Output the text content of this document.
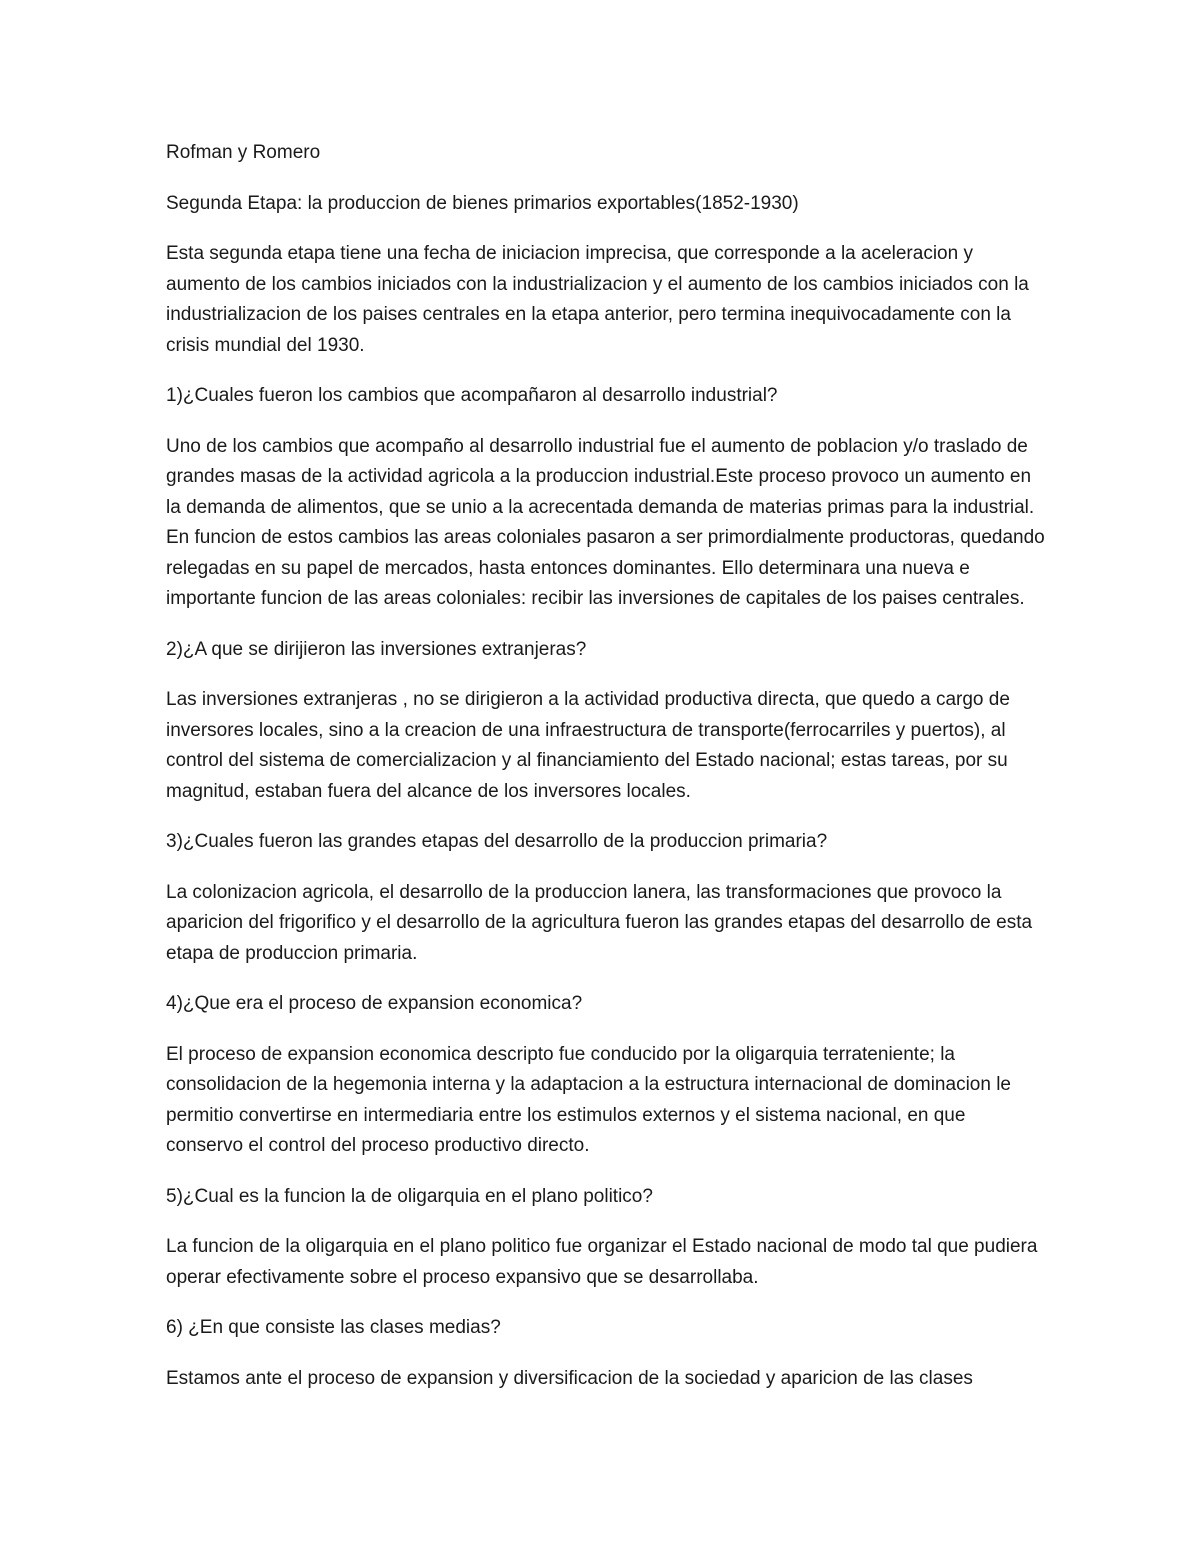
Rofman y Romero

Segunda Etapa: la produccion de bienes primarios exportables(1852-1930)

Esta segunda etapa tiene una fecha de iniciacion imprecisa, que corresponde a la aceleracion y aumento de los cambios iniciados con la industrializacion y el aumento de los cambios iniciados con la industrializacion de los paises centrales en la etapa anterior, pero termina inequivocadamente con la crisis mundial del 1930.

1)¿Cuales fueron los cambios que acompañaron al desarrollo industrial?

Uno de los cambios que acompaño al desarrollo industrial fue el aumento de poblacion y/o traslado de grandes masas de la actividad agricola a la produccion industrial.Este proceso provoco un aumento en la demanda de alimentos, que se unio a la acrecentada demanda de materias primas para la industrial. En funcion de estos cambios las areas coloniales pasaron a ser primordialmente productoras, quedando relegadas en su papel de mercados, hasta entonces dominantes. Ello determinara una nueva e importante funcion de las areas coloniales: recibir las inversiones de capitales de los paises centrales.

2)¿A que se dirijieron las inversiones extranjeras?

Las inversiones extranjeras , no se dirigieron a la actividad productiva directa, que quedo a cargo de inversores locales, sino a la creacion de una infraestructura de transporte(ferrocarriles y puertos), al control del sistema de comercializacion y al financiamiento del Estado nacional; estas tareas, por su magnitud, estaban fuera del alcance de los inversores locales.

3)¿Cuales fueron las grandes etapas del desarrollo de la produccion primaria?

La colonizacion agricola, el desarrollo de la produccion lanera, las transformaciones que provoco la aparicion del frigorifico y el desarrollo de la agricultura fueron las grandes etapas del desarrollo de esta etapa de produccion primaria.

4)¿Que era el proceso de expansion economica?

El proceso de expansion economica descripto fue conducido por la oligarquia terrateniente; la consolidacion de la hegemonia interna y la adaptacion a la estructura internacional de dominacion le permitio convertirse en intermediaria entre los estimulos externos y el sistema nacional, en que conservo el control del proceso productivo directo.

5)¿Cual es la funcion la de oligarquia en el plano politico?

La funcion de la oligarquia en el plano politico fue organizar el Estado nacional de modo tal que pudiera operar efectivamente sobre el proceso expansivo que se desarrollaba.

6) ¿En que consiste las clases medias?

Estamos ante el proceso de expansion y diversificacion de la sociedad y aparicion de las clases
